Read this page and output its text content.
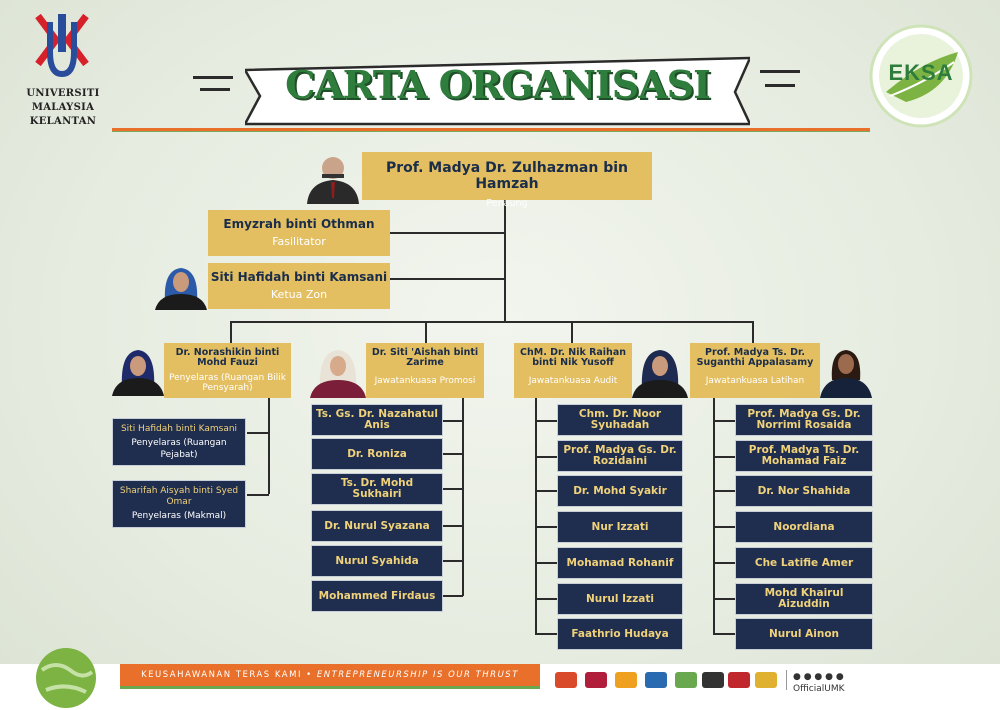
UNIVERSITI
MALAYSIA
KELANTAN
EKSA
CARTA ORGANISASI
Prof. Madya Dr. Zulhazman bin Hamzah
Penaung
Emyzrah binti Othman
Fasilitator
Siti Hafidah binti Kamsani
Ketua Zon
Dr. Norashikin binti Mohd Fauzi
Penyelaras (Ruangan Bilik Pensyarah)
Dr. Siti 'Aishah binti Zarime
Jawatankuasa Promosi
ChM. Dr. Nik Raihan binti Nik Yusoff
Jawatankuasa Audit
Prof. Madya Ts. Dr. Suganthi Appalasamy
Jawatankuasa Latihan
Siti Hafidah binti Kamsani
Penyelaras (Ruangan Pejabat)
Sharifah Aisyah binti Syed Omar
Penyelaras (Makmal)
Ts. Gs. Dr. Nazahatul Anis
Dr. Roniza
Ts. Dr. Mohd Sukhairi
Dr. Nurul Syazana
Nurul Syahida
Mohammed Firdaus
Chm. Dr. Noor Syuhadah
Prof. Madya Gs. Dr. Rozidaini
Dr. Mohd Syakir
Nur Izzati
Mohamad Rohanif
Nurul Izzati
Faathrio Hudaya
Prof. Madya Gs. Dr. Norrimi Rosaida
Prof. Madya Ts. Dr. Mohamad Faiz
Dr. Nor Shahida
Noordiana
Che Latifie Amer
Mohd Khairul Aizuddin
Nurul Ainon
KEUSAHAWANAN TERAS KAMI • ENTREPRENEURSHIP IS OUR THRUST	● ● ● ● ●
OfficialUMK
